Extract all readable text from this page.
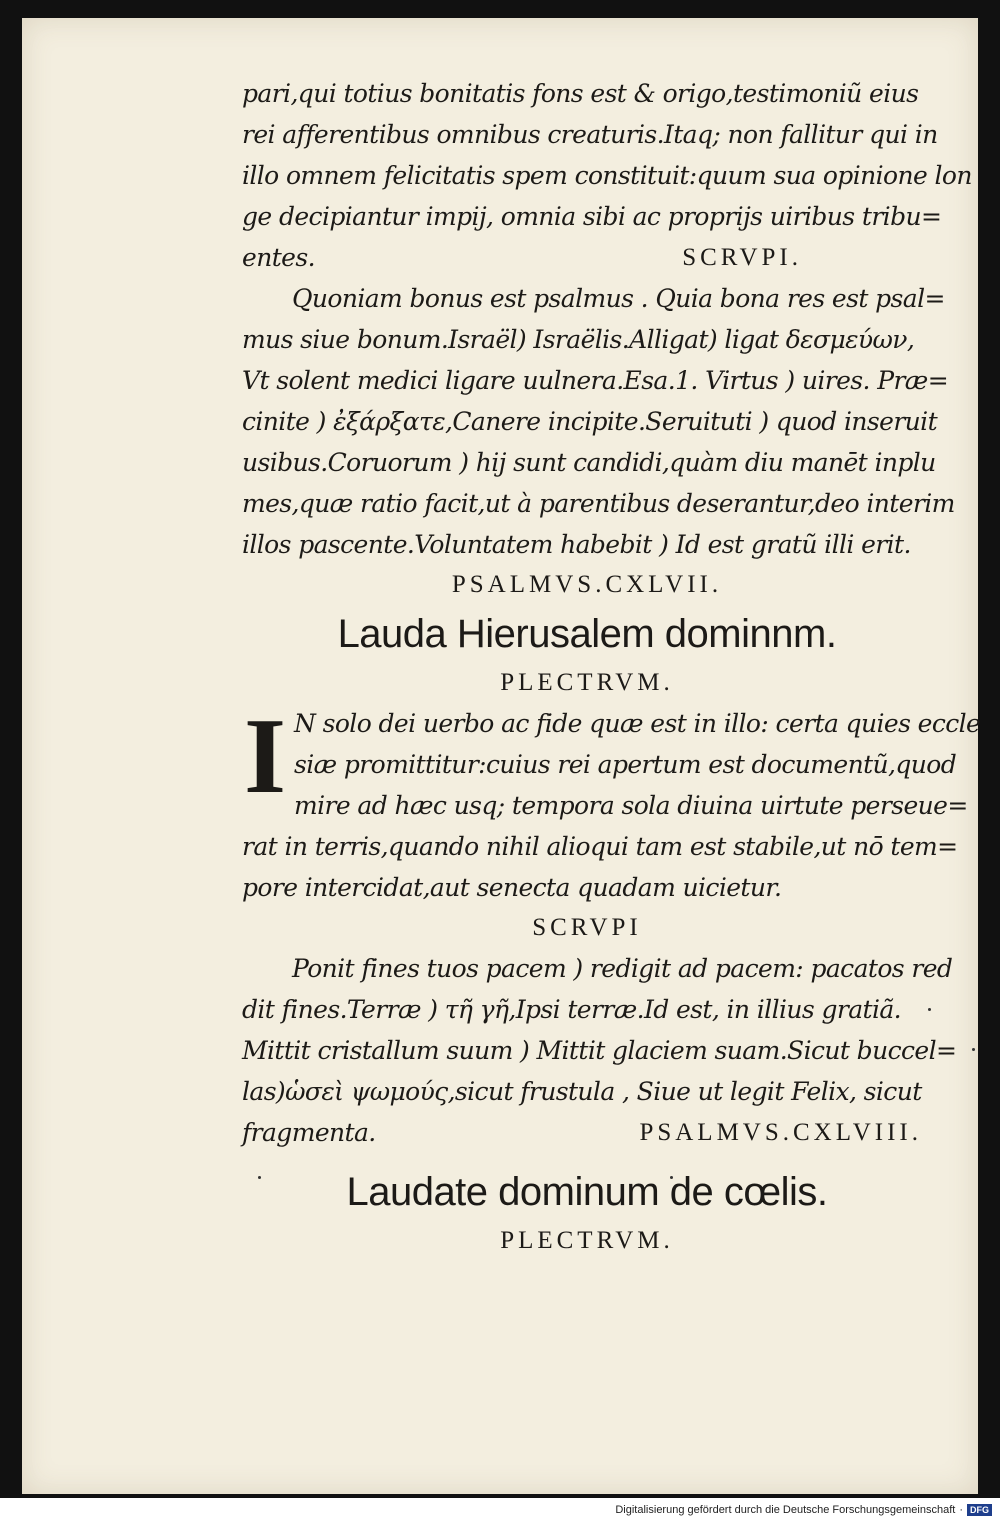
pari,qui totius bonitatis fons est & origo,testimoniũ eius
rei afferentibus omnibus creaturis.Itaq; non fallitur qui in
illo omnem felicitatis spem constituit:quum sua opinione lon
ge decipiantur impij, omnia sibi ac proprijs uiribus tribu=
entes.	SCRVPI.
Quoniam bonus est psalmus . Quia bona res est psal=
mus siue bonum.Israël) Israëlis.Alligat) ligat δεσμεύων,
Vt solent medici ligare uulnera.Esa.1. Virtus ) uires. Præ=
cinite ) ἐξάρξατε,Canere incipite.Seruituti ) quod inseruit
usibus.Coruorum ) hij sunt candidi,quàm diu manēt inplu
mes,quæ ratio facit,ut à parentibus deserantur,deo interim
illos pascente.Voluntatem habebit ) Id est gratũ illi erit.
PSALMVS.CXLVII.
Lauda Hierusalem dominnm.
PLECTRVM.
I N solo dei uerbo ac fide quæ est in illo: certa quies eccle
siæ promittitur:cuius rei apertum est documentũ,quod
mire ad hæc usq; tempora sola diuina uirtute perseue=
rat in terris,quando nihil alioqui tam est stabile,ut nō tem=
pore intercidat,aut senecta quadam uicietur.
SCRVPI
Ponit fines tuos pacem ) redigit ad pacem: pacatos red
dit fines.Terræ ) τῆ γῆ,Ipsi terræ.Id est, in illius gratiã.
Mittit cristallum suum ) Mittit glaciem suam.Sicut buccel=
las)ὡσεὶ ψωμούς,sicut frustula , Siue ut legit Felix, sicut
fragmenta.	PSALMVS.CXLVIII.
Laudate dominum de cœlis.
PLECTRVM.
Digitalisierung gefördert durch die Deutsche Forschungsgemeinschaft · DFG
